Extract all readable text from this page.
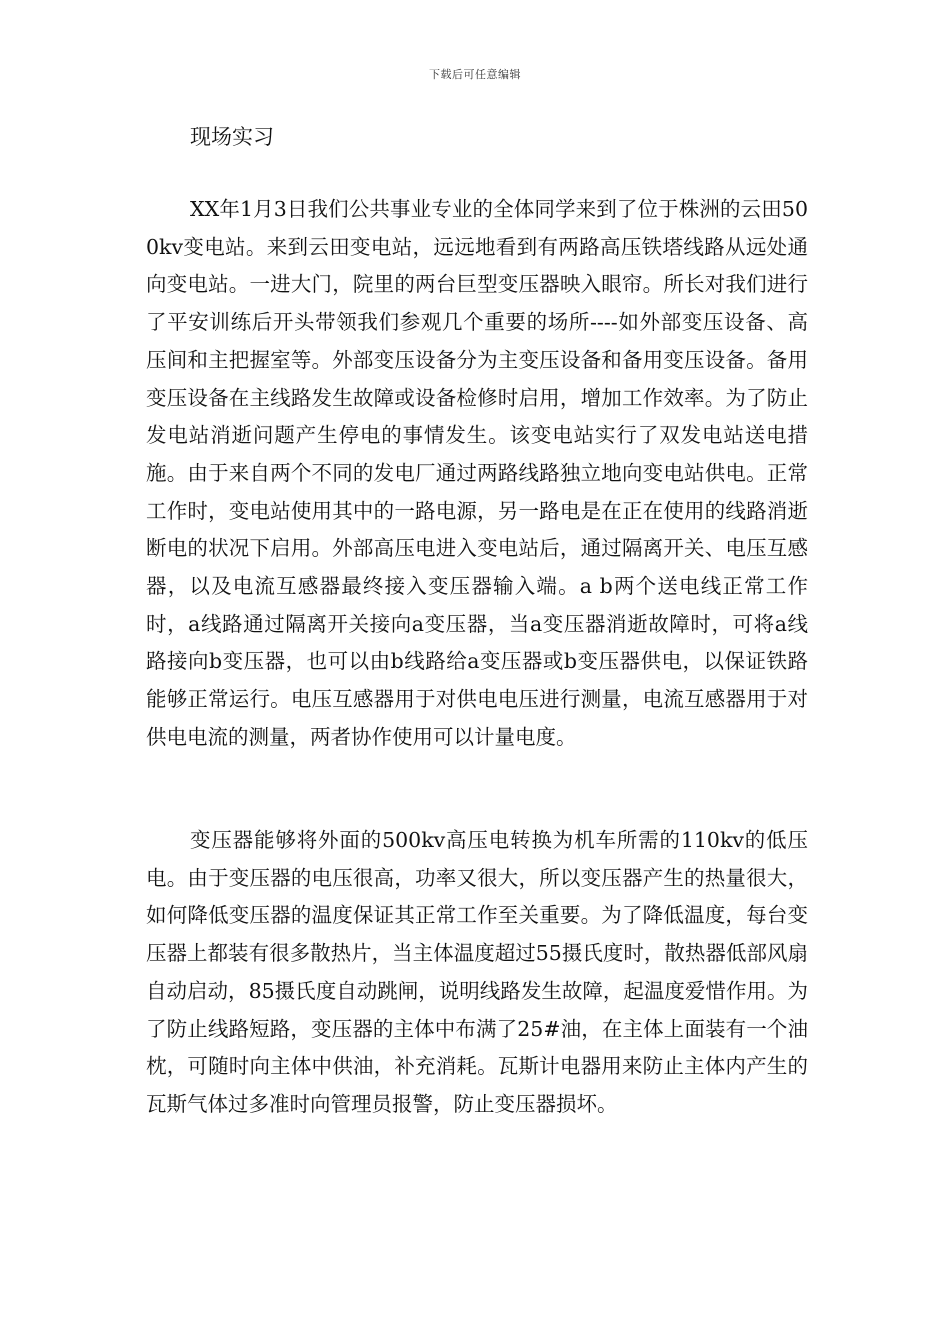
下载后可任意编辑
现场实习

XX年1月3日我们公共事业专业的全体同学来到了位于株洲的云田500kv变电站。来到云田变电站，远远地看到有两路高压铁塔线路从远处通向变电站。一进大门，院里的两台巨型变压器映入眼帘。所长对我们进行了平安训练后开头带领我们参观几个重要的场所----如外部变压设备、高压间和主把握室等。外部变压设备分为主变压设备和备用变压设备。备用变压设备在主线路发生故障或设备检修时启用，增加工作效率。为了防止发电站消逝问题产生停电的事情发生。该变电站实行了双发电站送电措施。由于来自两个不同的发电厂通过两路线路独立地向变电站供电。正常工作时，变电站使用其中的一路电源，另一路电是在正在使用的线路消逝断电的状况下启用。外部高压电进入变电站后，通过隔离开关、电压互感器，以及电流互感器最终接入变压器输入端。a b两个送电线正常工作时，a线路通过隔离开关接向a变压器，当a变压器消逝故障时，可将a线路接向b变压器，也可以由b线路给a变压器或b变压器供电，以保证铁路能够正常运行。电压互感器用于对供电电压进行测量，电流互感器用于对供电电流的测量，两者协作使用可以计量电度。

变压器能够将外面的500kv高压电转换为机车所需的110kv的低压电。由于变压器的电压很高，功率又很大，所以变压器产生的热量很大，如何降低变压器的温度保证其正常工作至关重要。为了降低温度，每台变压器上都装有很多散热片，当主体温度超过55摄氏度时，散热器低部风扇自动启动，85摄氏度自动跳闸，说明线路发生故障，起温度爱惜作用。为了防止线路短路，变压器的主体中布满了25#油，在主体上面装有一个油枕，可随时向主体中供油，补充消耗。瓦斯计电器用来防止主体内产生的瓦斯气体过多准时向管理员报警，防止变压器损坏。
